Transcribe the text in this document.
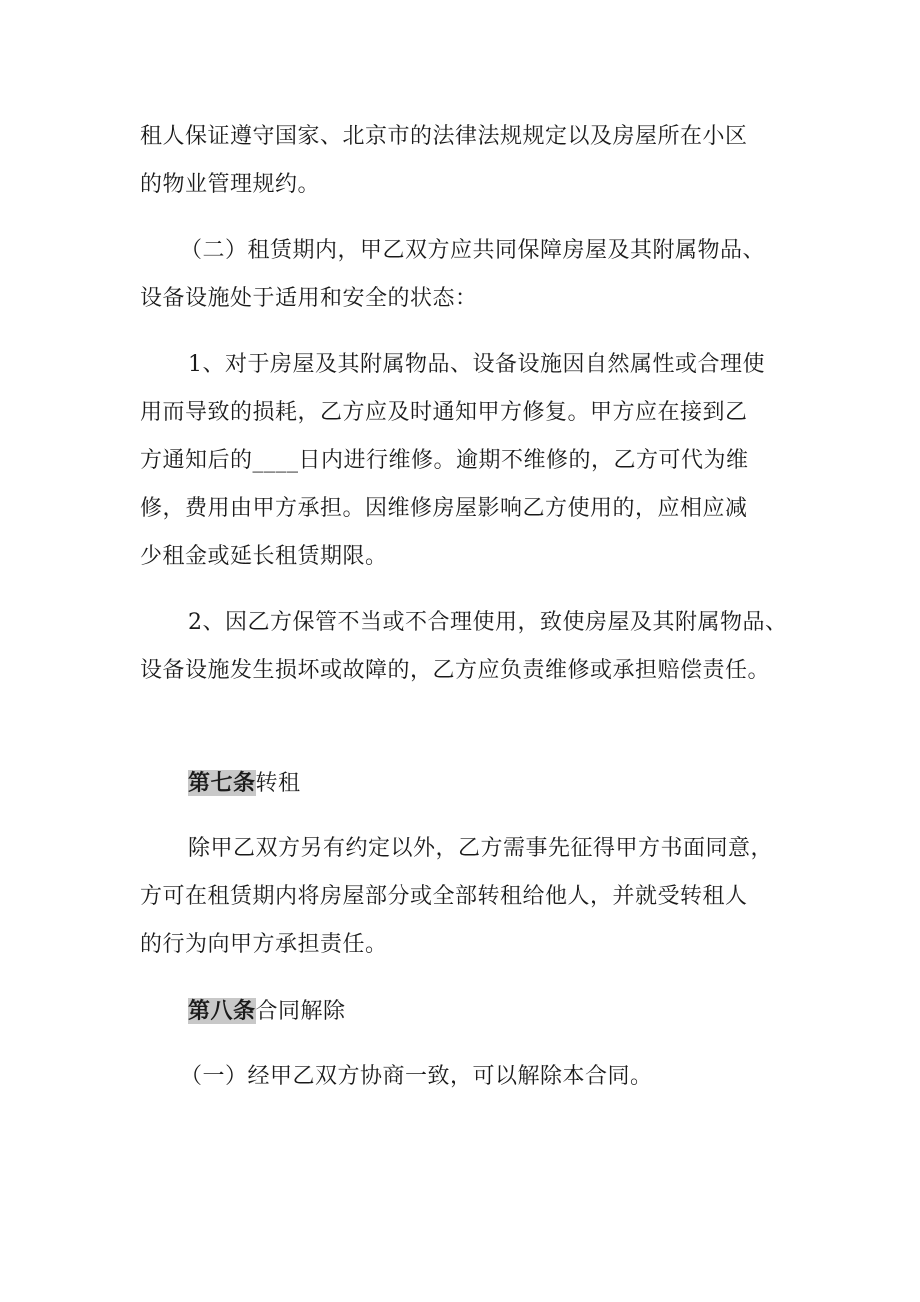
租人保证遵守国家、北京市的法律法规规定以及房屋所在小区
的物业管理规约。
（二）租赁期内，甲乙双方应共同保障房屋及其附属物品、
设备设施处于适用和安全的状态：
1、对于房屋及其附属物品、设备设施因自然属性或合理使
用而导致的损耗，乙方应及时通知甲方修复。甲方应在接到乙
方通知后的____日内进行维修。逾期不维修的，乙方可代为维
修，费用由甲方承担。因维修房屋影响乙方使用的，应相应减
少租金或延长租赁期限。
2、因乙方保管不当或不合理使用，致使房屋及其附属物品、
设备设施发生损坏或故障的，乙方应负责维修或承担赔偿责任。
第七条转租
除甲乙双方另有约定以外，乙方需事先征得甲方书面同意，
方可在租赁期内将房屋部分或全部转租给他人，并就受转租人
的行为向甲方承担责任。
第八条合同解除
（一）经甲乙双方协商一致，可以解除本合同。
